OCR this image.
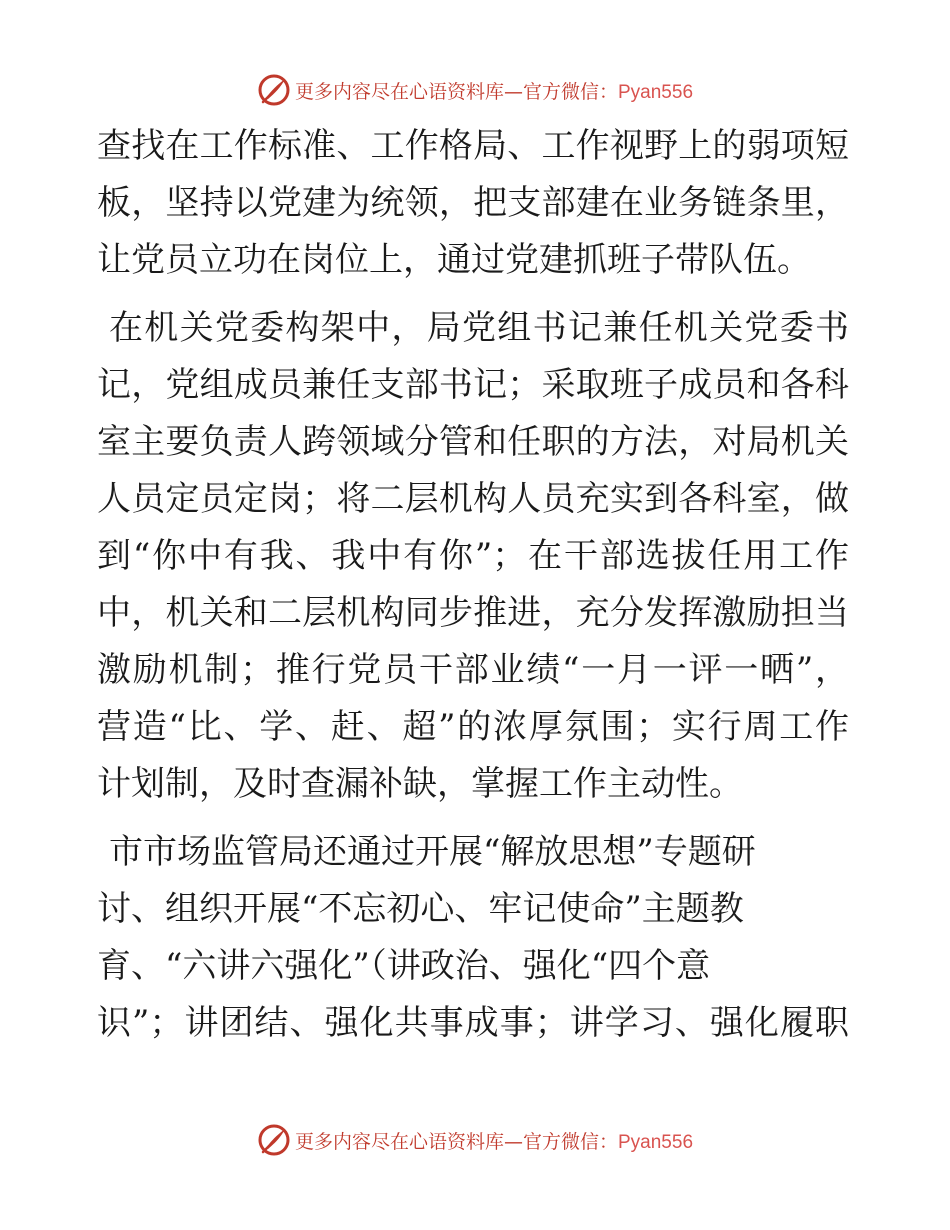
更多内容尽在心语资料库—官方微信：Pyan556
查找在工作标准、工作格局、工作视野上的弱项短
板，坚持以党建为统领，把支部建在业务链条里，
让党员立功在岗位上，通过党建抓班子带队伍。
在机关党委构架中，局党组书记兼任机关党委书
记，党组成员兼任支部书记；采取班子成员和各科
室主要负责人跨领域分管和任职的方法，对局机关
人员定员定岗；将二层机构人员充实到各科室，做
到“你中有我、我中有你”；在干部选拔任用工作
中，机关和二层机构同步推进，充分发挥激励担当
激励机制；推行党员干部业绩“一月一评一晒”，
营造“比、学、赶、超”的浓厚氛围；实行周工作
计划制，及时查漏补缺，掌握工作主动性。
市市场监管局还通过开展“解放思想”专题研
讨、组织开展“不忘初心、牢记使命”主题教
育、“六讲六强化”（讲政治、强化“四个意
识”；讲团结、强化共事成事；讲学习、强化履职
更多内容尽在心语资料库—官方微信：Pyan556
